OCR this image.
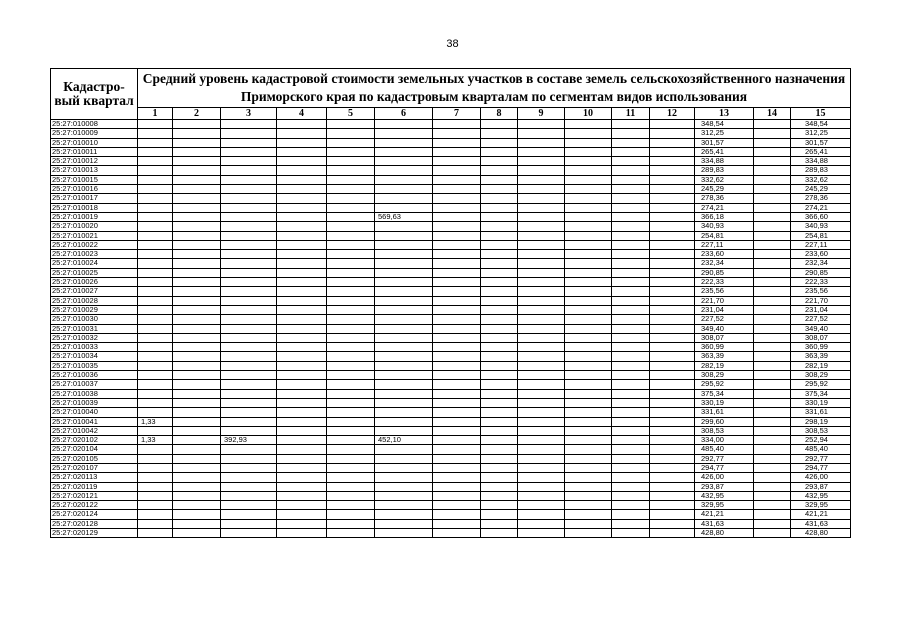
38
Кадастро-вый квартал	Средний уровень кадастровой стоимости земельных участков в составе земель сельскохозяйственного назначения Приморского края по кадастровым кварталам по сегментам видов использования														
	1	2	3	4	5	6	7	8	9	10	11	12	13	14	15
25:27:010008													348,54		348,54
25:27:010009													312,25		312,25
25:27:010010													301,57		301,57
25:27:010011													265,41		265,41
25:27:010012													334,88		334,88
25:27:010013													289,83		289,83
25:27:010015													332,62		332,62
25:27:010016													245,29		245,29
25:27:010017													278,36		278,36
25:27:010018													274,21		274,21
25:27:010019						569,63							366,18		366,60
25:27:010020													340,93		340,93
25:27:010021													254,81		254,81
25:27:010022													227,11		227,11
25:27:010023													233,60		233,60
25:27:010024													232,34		232,34
25:27:010025													290,85		290,85
25:27:010026													222,33		222,33
25:27:010027													235,56		235,56
25:27:010028													221,70		221,70
25:27:010029													231,04		231,04
25:27:010030													227,52		227,52
25:27:010031													349,40		349,40
25:27:010032													308,07		308,07
25:27:010033													360,99		360,99
25:27:010034													363,39		363,39
25:27:010035													282,19		282,19
25:27:010036													308,29		308,29
25:27:010037													295,92		295,92
25:27:010038													375,34		375,34
25:27:010039													330,19		330,19
25:27:010040													331,61		331,61
25:27:010041	1,33												299,60		298,19
25:27:010042													308,53		308,53
25:27:020102	1,33		392,93			452,10							334,00		252,94
25:27:020104													485,40		485,40
25:27:020105													292,77		292,77
25:27:020107													294,77		294,77
25:27:020113													426,00		426,00
25:27:020119													293,87		293,87
25:27:020121													432,95		432,95
25:27:020122													329,95		329,95
25:27:020124													421,21		421,21
25:27:020128													431,63		431,63
25:27:020129													428,80		428,80
